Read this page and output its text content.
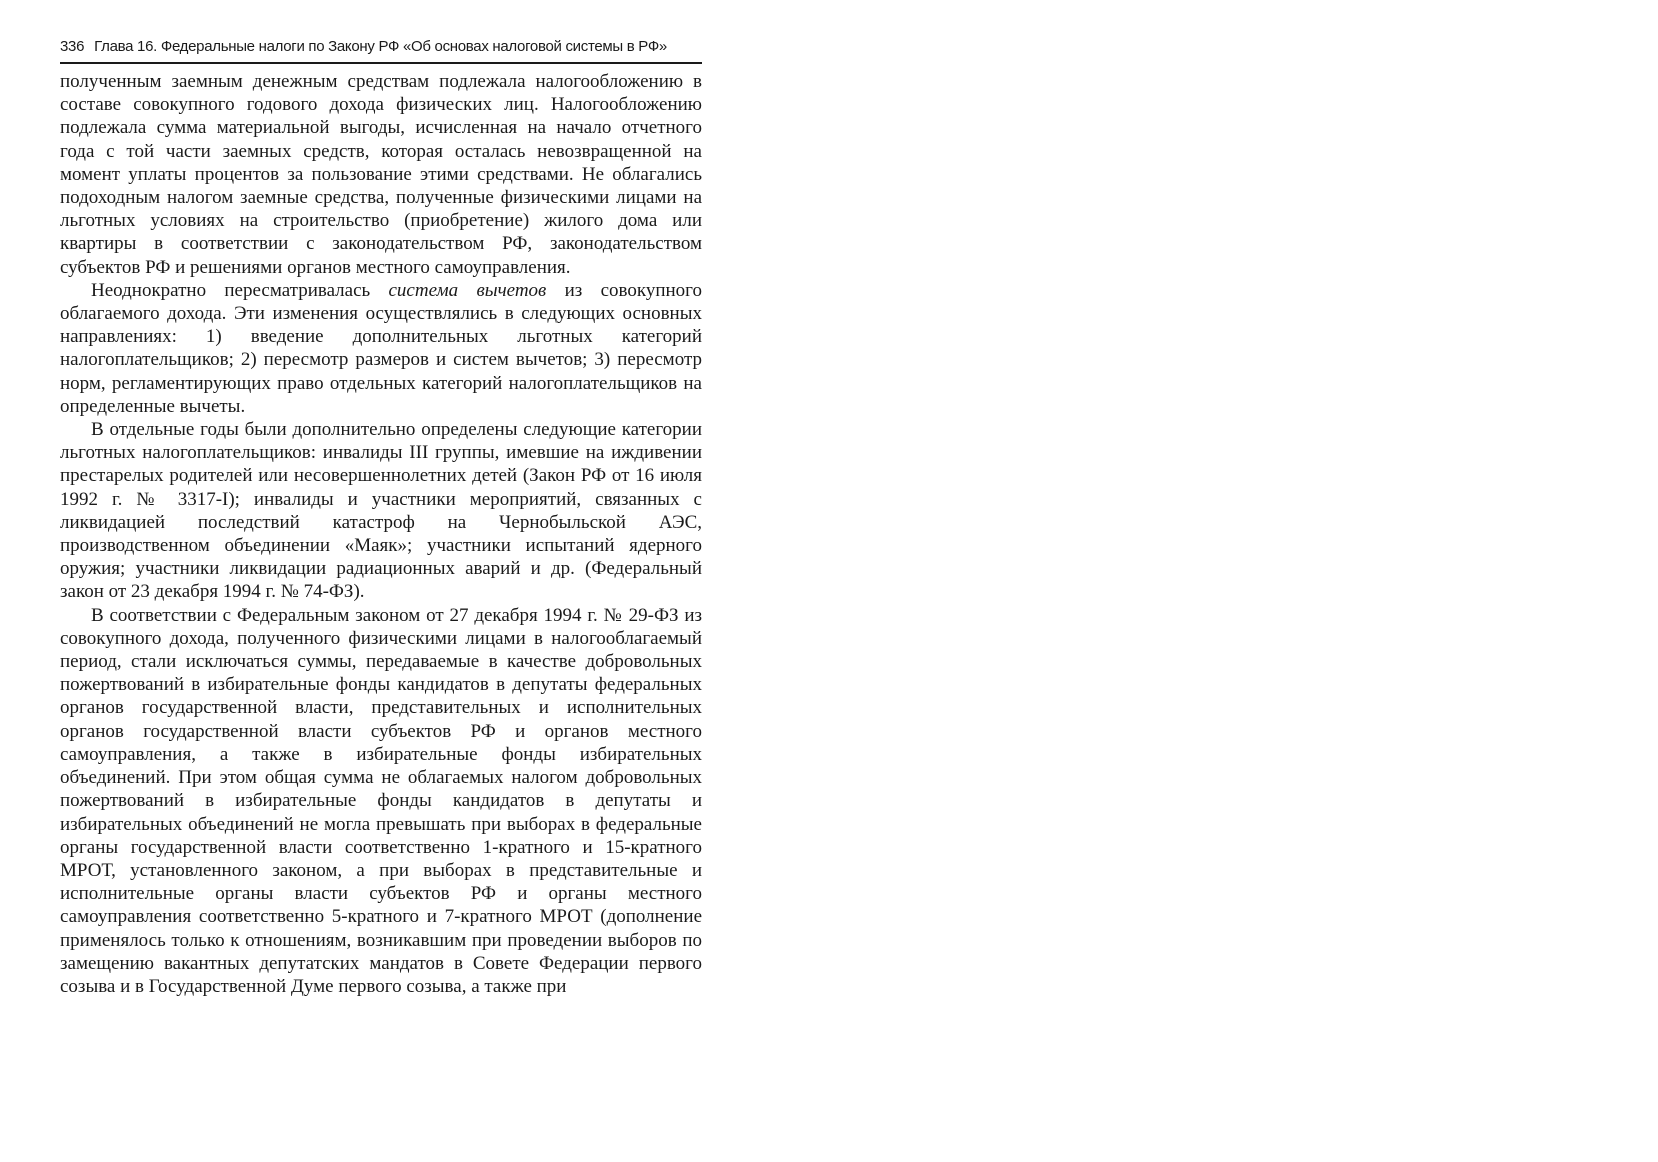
336 Глава 16. Федеральные налоги по Закону РФ «Об основах налоговой системы в РФ»

полученным заемным денежным средствам подлежала налогообложению в составе совокупного годового дохода физических лиц. Налогообложению подлежала сумма материальной выгоды, исчисленная на начало отчетного года с той части заемных средств, которая осталась невозвращенной на момент уплаты процентов за пользование этими средствами. Не облагались подоходным налогом заемные средства, полученные физическими лицами на льготных условиях на строительство (приобретение) жилого дома или квартиры в соответствии с законодательством РФ, законодательством субъектов РФ и решениями органов местного самоуправления.

Неоднократно пересматривалась система вычетов из совокупного облагаемого дохода. Эти изменения осуществлялись в следующих основных направлениях: 1) введение дополнительных льготных категорий налогоплательщиков; 2) пересмотр размеров и систем вычетов; 3) пересмотр норм, регламентирующих право отдельных категорий налогоплательщиков на определенные вычеты.

В отдельные годы были дополнительно определены следующие категории льготных налогоплательщиков: инвалиды III группы, имевшие на иждивении престарелых родителей или несовершеннолетних детей (Закон РФ от 16 июля 1992 г. № 3317-I); инвалиды и участники мероприятий, связанных с ликвидацией последствий катастроф на Чернобыльской АЭС, производственном объединении «Маяк»; участники испытаний ядерного оружия; участники ликвидации радиационных аварий и др. (Федеральный закон от 23 декабря 1994 г. № 74-ФЗ).

В соответствии с Федеральным законом от 27 декабря 1994 г. № 29-ФЗ из совокупного дохода, полученного физическими лицами в налогооблагаемый период, стали исключаться суммы, передаваемые в качестве добровольных пожертвований в избирательные фонды кандидатов в депутаты федеральных органов государственной власти, представительных и исполнительных органов государственной власти субъектов РФ и органов местного самоуправления, а также в избирательные фонды избирательных объединений. При этом общая сумма не облагаемых налогом добровольных пожертвований в избирательные фонды кандидатов в депутаты и избирательных объединений не могла превышать при выборах в федеральные органы государственной власти соответственно 1-кратного и 15-кратного МРОТ, установленного законом, а при выборах в представительные и исполнительные органы власти субъектов РФ и органы местного самоуправления соответственно 5-кратного и 7-кратного МРОТ (дополнение применялось только к отношениям, возникавшим при проведении выборов по замещению вакантных депутатских мандатов в Совете Федерации первого созыва и в Государственной Думе первого созыва, а также при
